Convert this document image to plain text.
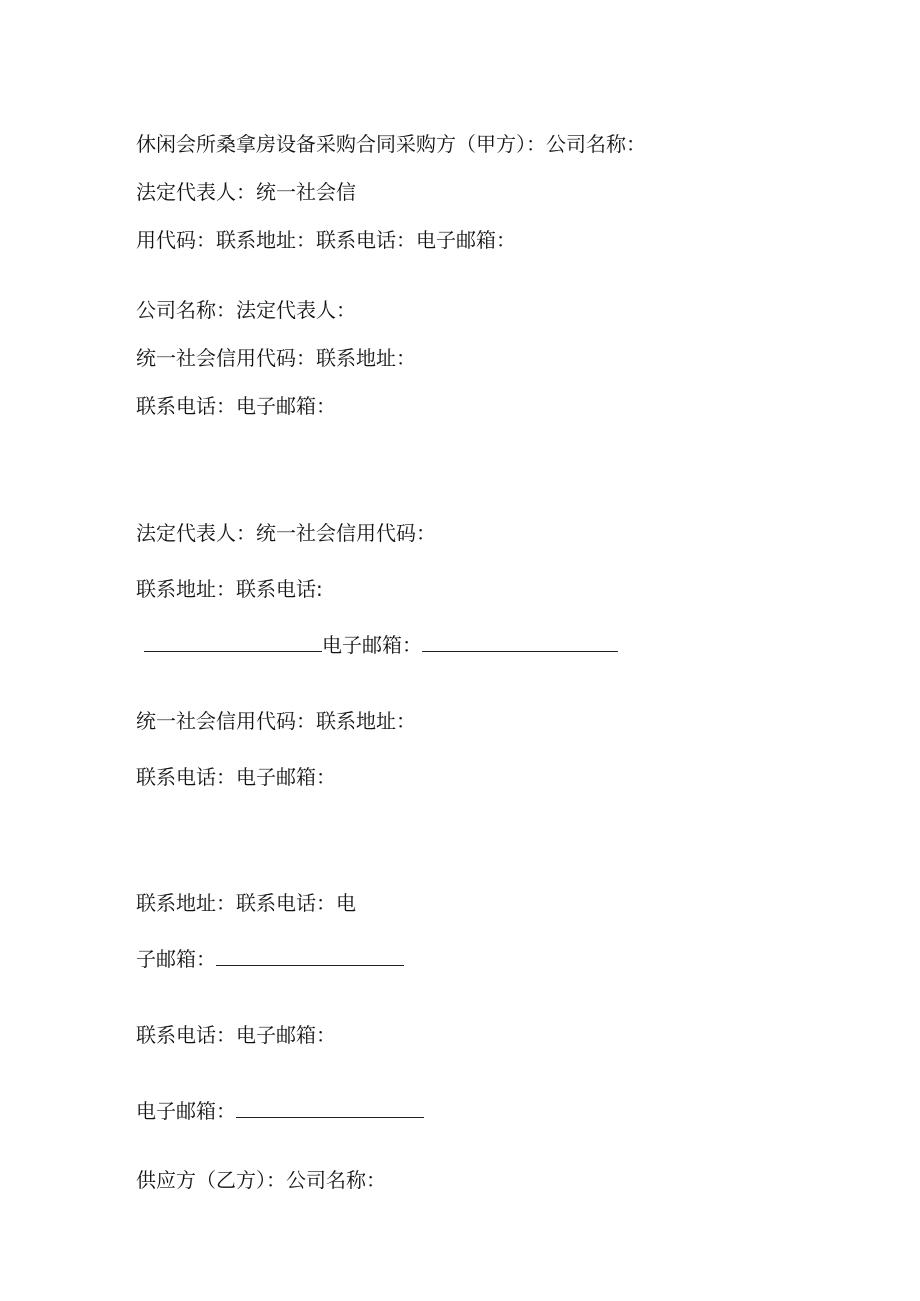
休闲会所桑拿房设备采购合同采购方（甲方）：公司名称：
法定代表人：统一社会信
用代码：联系地址：联系电话：电子邮箱：
公司名称：法定代表人：
统一社会信用代码：联系地址：
联系电话：电子邮箱：
法定代表人：统一社会信用代码：
联系地址：联系电话:
电子邮箱：
统一社会信用代码：联系地址：
联系电话：电子邮箱：
联系地址：联系电话：电
子邮箱：
联系电话：电子邮箱：
电子邮箱：
供应方（乙方）：公司名称：
